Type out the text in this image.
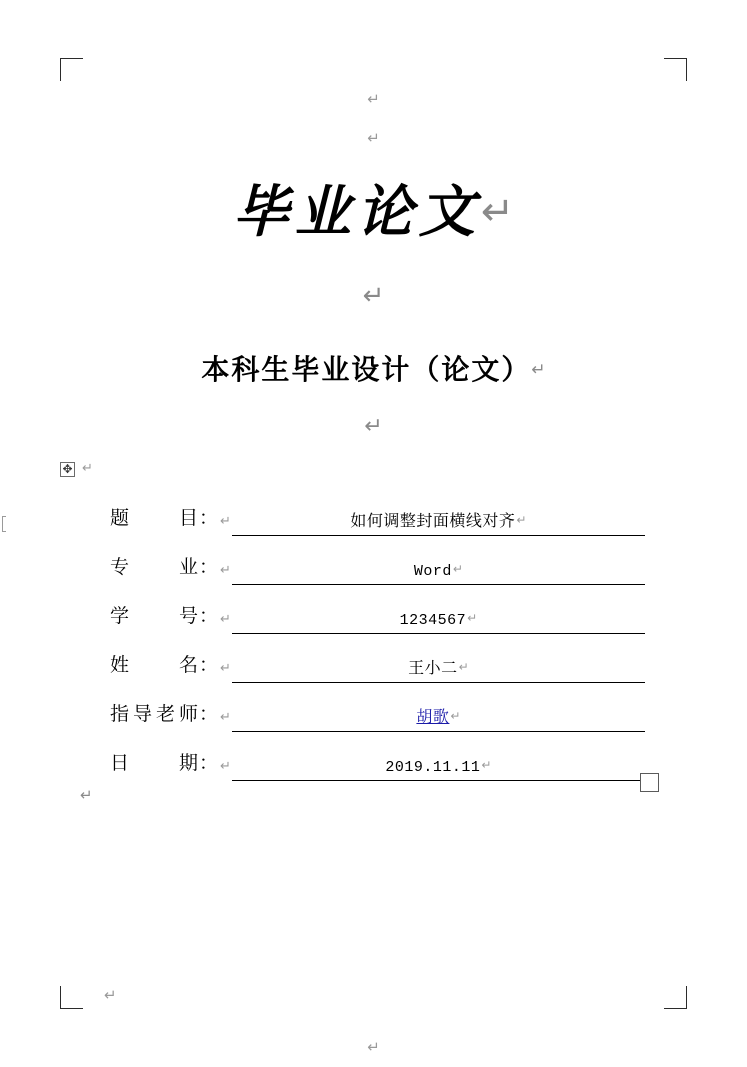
↵
↵
毕业论文↵
↵
本科生毕业设计（论文）↵
↵
✥ ↵
题目 ： ↵	如何调整封面横线对齐↵
专业 ： ↵	Word↵
学号 ： ↵	1234567↵
姓名 ： ↵	王小二↵
指导老师 ： ↵	胡歌↵
日期 ： ↵	2019.11.11↵
↵
↵
↵
